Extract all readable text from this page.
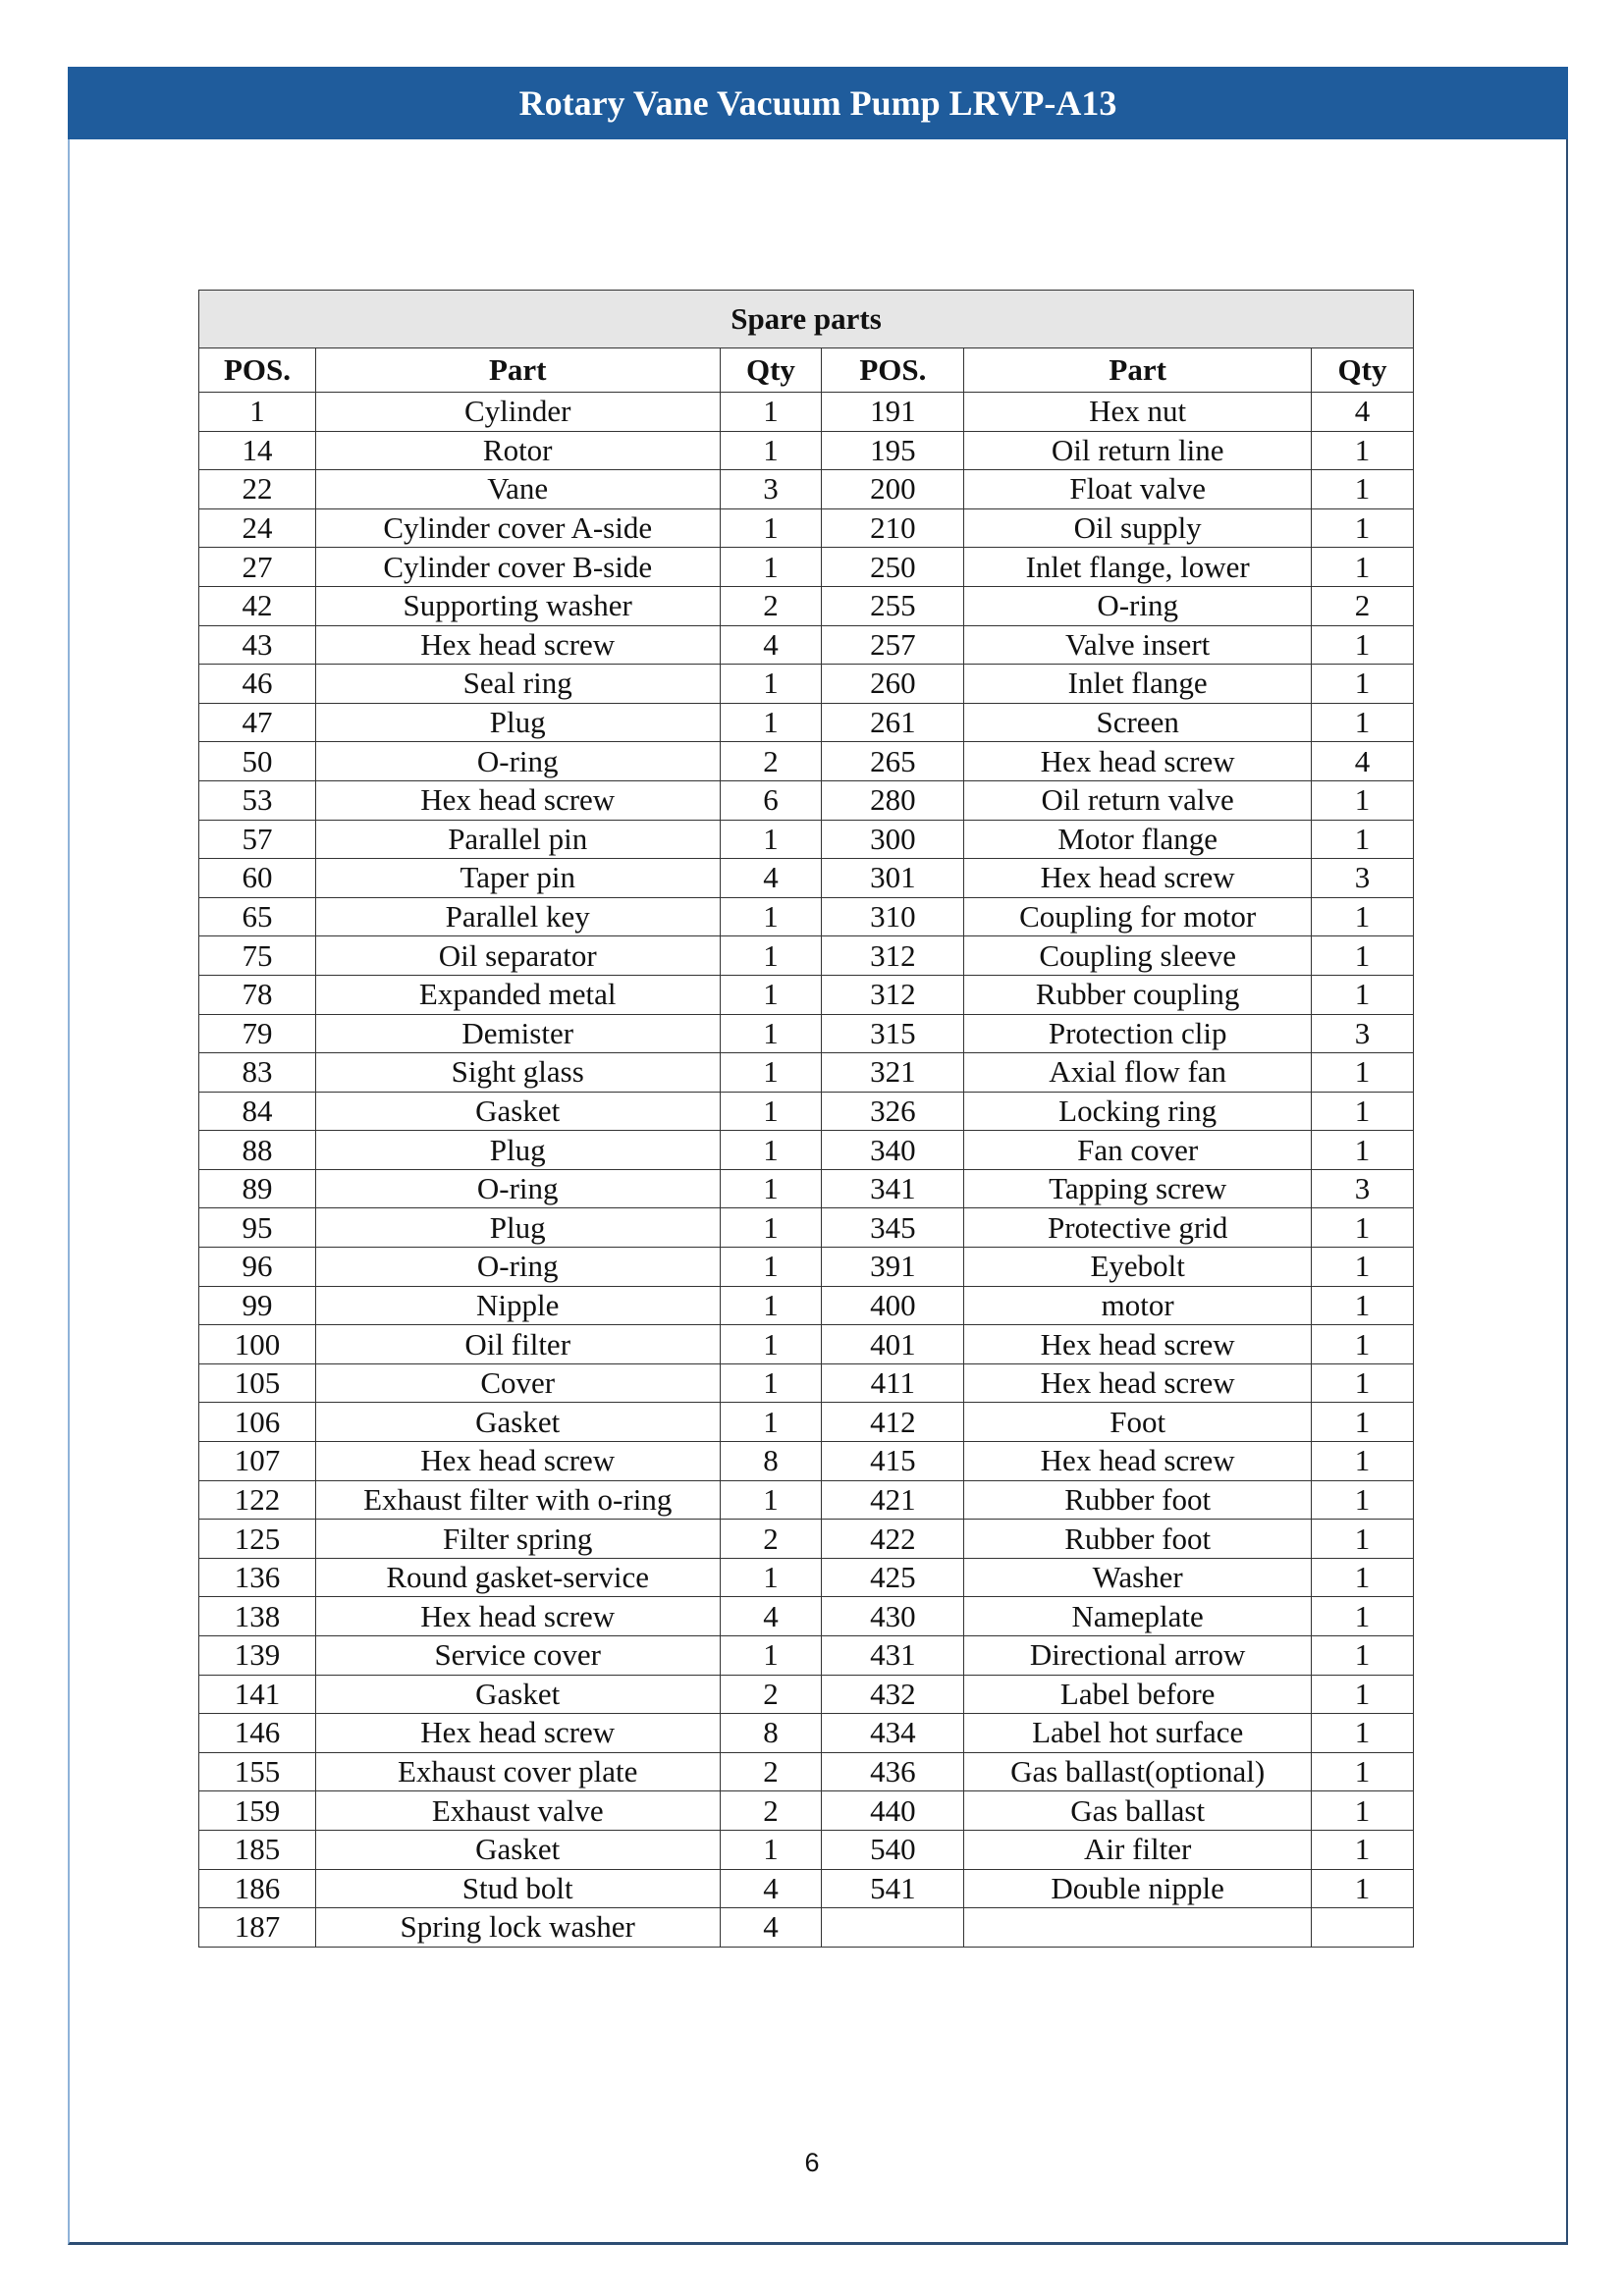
Rotary Vane Vacuum Pump LRVP-A13
Spare parts					
POS.	Part	Qty	POS.	Part	Qty
1	Cylinder	1	191	Hex nut	4
14	Rotor	1	195	Oil return line	1
22	Vane	3	200	Float valve	1
24	Cylinder cover A-side	1	210	Oil supply	1
27	Cylinder cover B-side	1	250	Inlet flange, lower	1
42	Supporting washer	2	255	O-ring	2
43	Hex head screw	4	257	Valve insert	1
46	Seal ring	1	260	Inlet flange	1
47	Plug	1	261	Screen	1
50	O-ring	2	265	Hex head screw	4
53	Hex head screw	6	280	Oil return valve	1
57	Parallel pin	1	300	Motor flange	1
60	Taper pin	4	301	Hex head screw	3
65	Parallel key	1	310	Coupling for motor	1
75	Oil separator	1	312	Coupling sleeve	1
78	Expanded metal	1	312	Rubber coupling	1
79	Demister	1	315	Protection clip	3
83	Sight glass	1	321	Axial flow fan	1
84	Gasket	1	326	Locking ring	1
88	Plug	1	340	Fan cover	1
89	O-ring	1	341	Tapping screw	3
95	Plug	1	345	Protective grid	1
96	O-ring	1	391	Eyebolt	1
99	Nipple	1	400	motor	1
100	Oil filter	1	401	Hex head screw	1
105	Cover	1	411	Hex head screw	1
106	Gasket	1	412	Foot	1
107	Hex head screw	8	415	Hex head screw	1
122	Exhaust filter with o-ring	1	421	Rubber foot	1
125	Filter spring	2	422	Rubber foot	1
136	Round gasket-service	1	425	Washer	1
138	Hex head screw	4	430	Nameplate	1
139	Service cover	1	431	Directional arrow	1
141	Gasket	2	432	Label before	1
146	Hex head screw	8	434	Label hot surface	1
155	Exhaust cover plate	2	436	Gas ballast(optional)	1
159	Exhaust valve	2	440	Gas ballast	1
185	Gasket	1	540	Air filter	1
186	Stud bolt	4	541	Double nipple	1
187	Spring lock washer	4			
6
